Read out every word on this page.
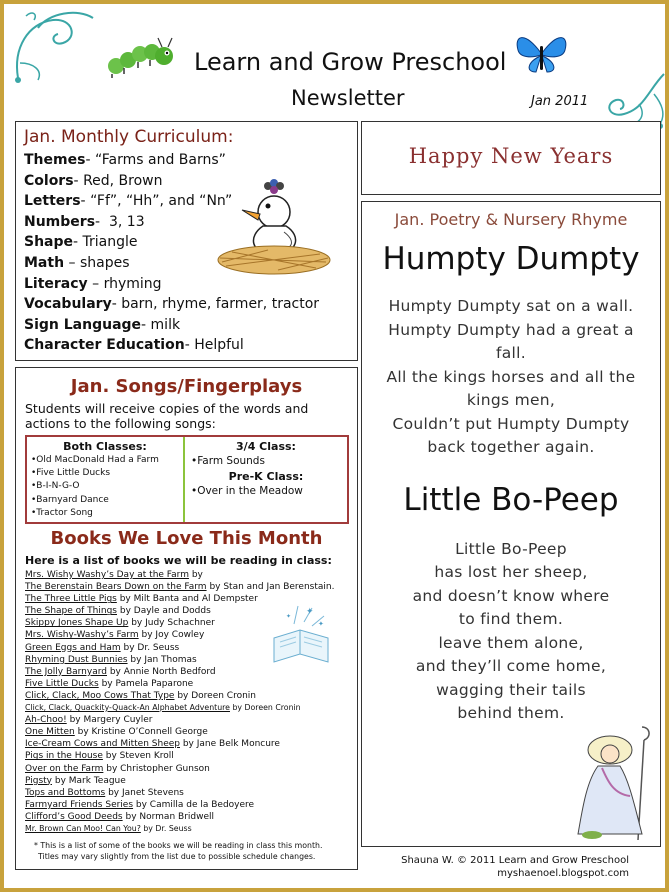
Learn and Grow Preschool
Newsletter	Jan 2011
Jan. Monthly Curriculum:
Themes- “Farms and Barns”
Colors- Red, Brown
Letters- “Ff”, “Hh”, and “Nn”
Numbers-  3, 13
Shape- Triangle
Math – shapes
Literacy – rhyming
Vocabulary- barn, rhyme, farmer, tractor
Sign Language- milk
Character Education- Helpful
Happy New Years
Jan. Poetry & Nursery Rhyme
Humpty Dumpty
Humpty Dumpty sat on a wall.
Humpty Dumpty had a great a
fall.
All the kings horses and all the
kings men,
Couldn’t put Humpty Dumpty
back together again.
Little Bo-Peep
Little Bo-Peep
has lost her sheep,
and doesn’t know where
to find them.
leave them alone,
and they’ll come home,
wagging their tails
behind them.
Jan. Songs/Fingerplays
Students will receive copies of the words and actions to the following songs:
Both Classes:
•Old MacDonald Had a Farm
•Five Little Ducks
•B-I-N-G-O
•Barnyard Dance
•Tractor Song
3/4 Class:
•Farm Sounds
Pre-K Class:
•Over in the Meadow
Books We Love This Month
Here is a list of books we will be reading in class:
Mrs. Wishy Washy’s Day at the Farm by
The Berenstain Bears Down on the Farm by Stan and Jan Berenstain.
The Three Little Pigs by Milt Banta and Al Dempster
The Shape of Things by Dayle and Dodds
Skippy Jones Shape Up by Judy Schachner
Mrs. Wishy-Washy’s Farm by Joy Cowley
Green Eggs and Ham by Dr. Seuss
Rhyming Dust Bunnies by Jan Thomas
The Jolly Barnyard by Annie North Bedford
Five Little Ducks by Pamela Paparone
Click, Clack, Moo Cows That Type by Doreen Cronin
Click, Clack, Quackity-Quack-An Alphabet Adventure by Doreen Cronin
Ah-Choo! by Margery Cuyler
One Mitten by Kristine O’Connell George
Ice-Cream Cows and Mitten Sheep by Jane Belk Moncure
Pigs in the House by Steven Kroll
Over on the Farm by Christopher Gunson
Pigsty by Mark Teague
Tops and Bottoms by Janet Stevens
Farmyard Friends Series by Camilla de la Bedoyere
Clifford’s Good Deeds by Norman Bridwell
Mr. Brown Can Moo! Can You? by Dr. Seuss
✦
✦
✦
* This is a list of some of the books we will be reading in class this month.
Titles may vary slightly from the list due to possible schedule changes.	Shauna W. © 2011 Learn and Grow Preschool
myshaenoel.blogspot.com
